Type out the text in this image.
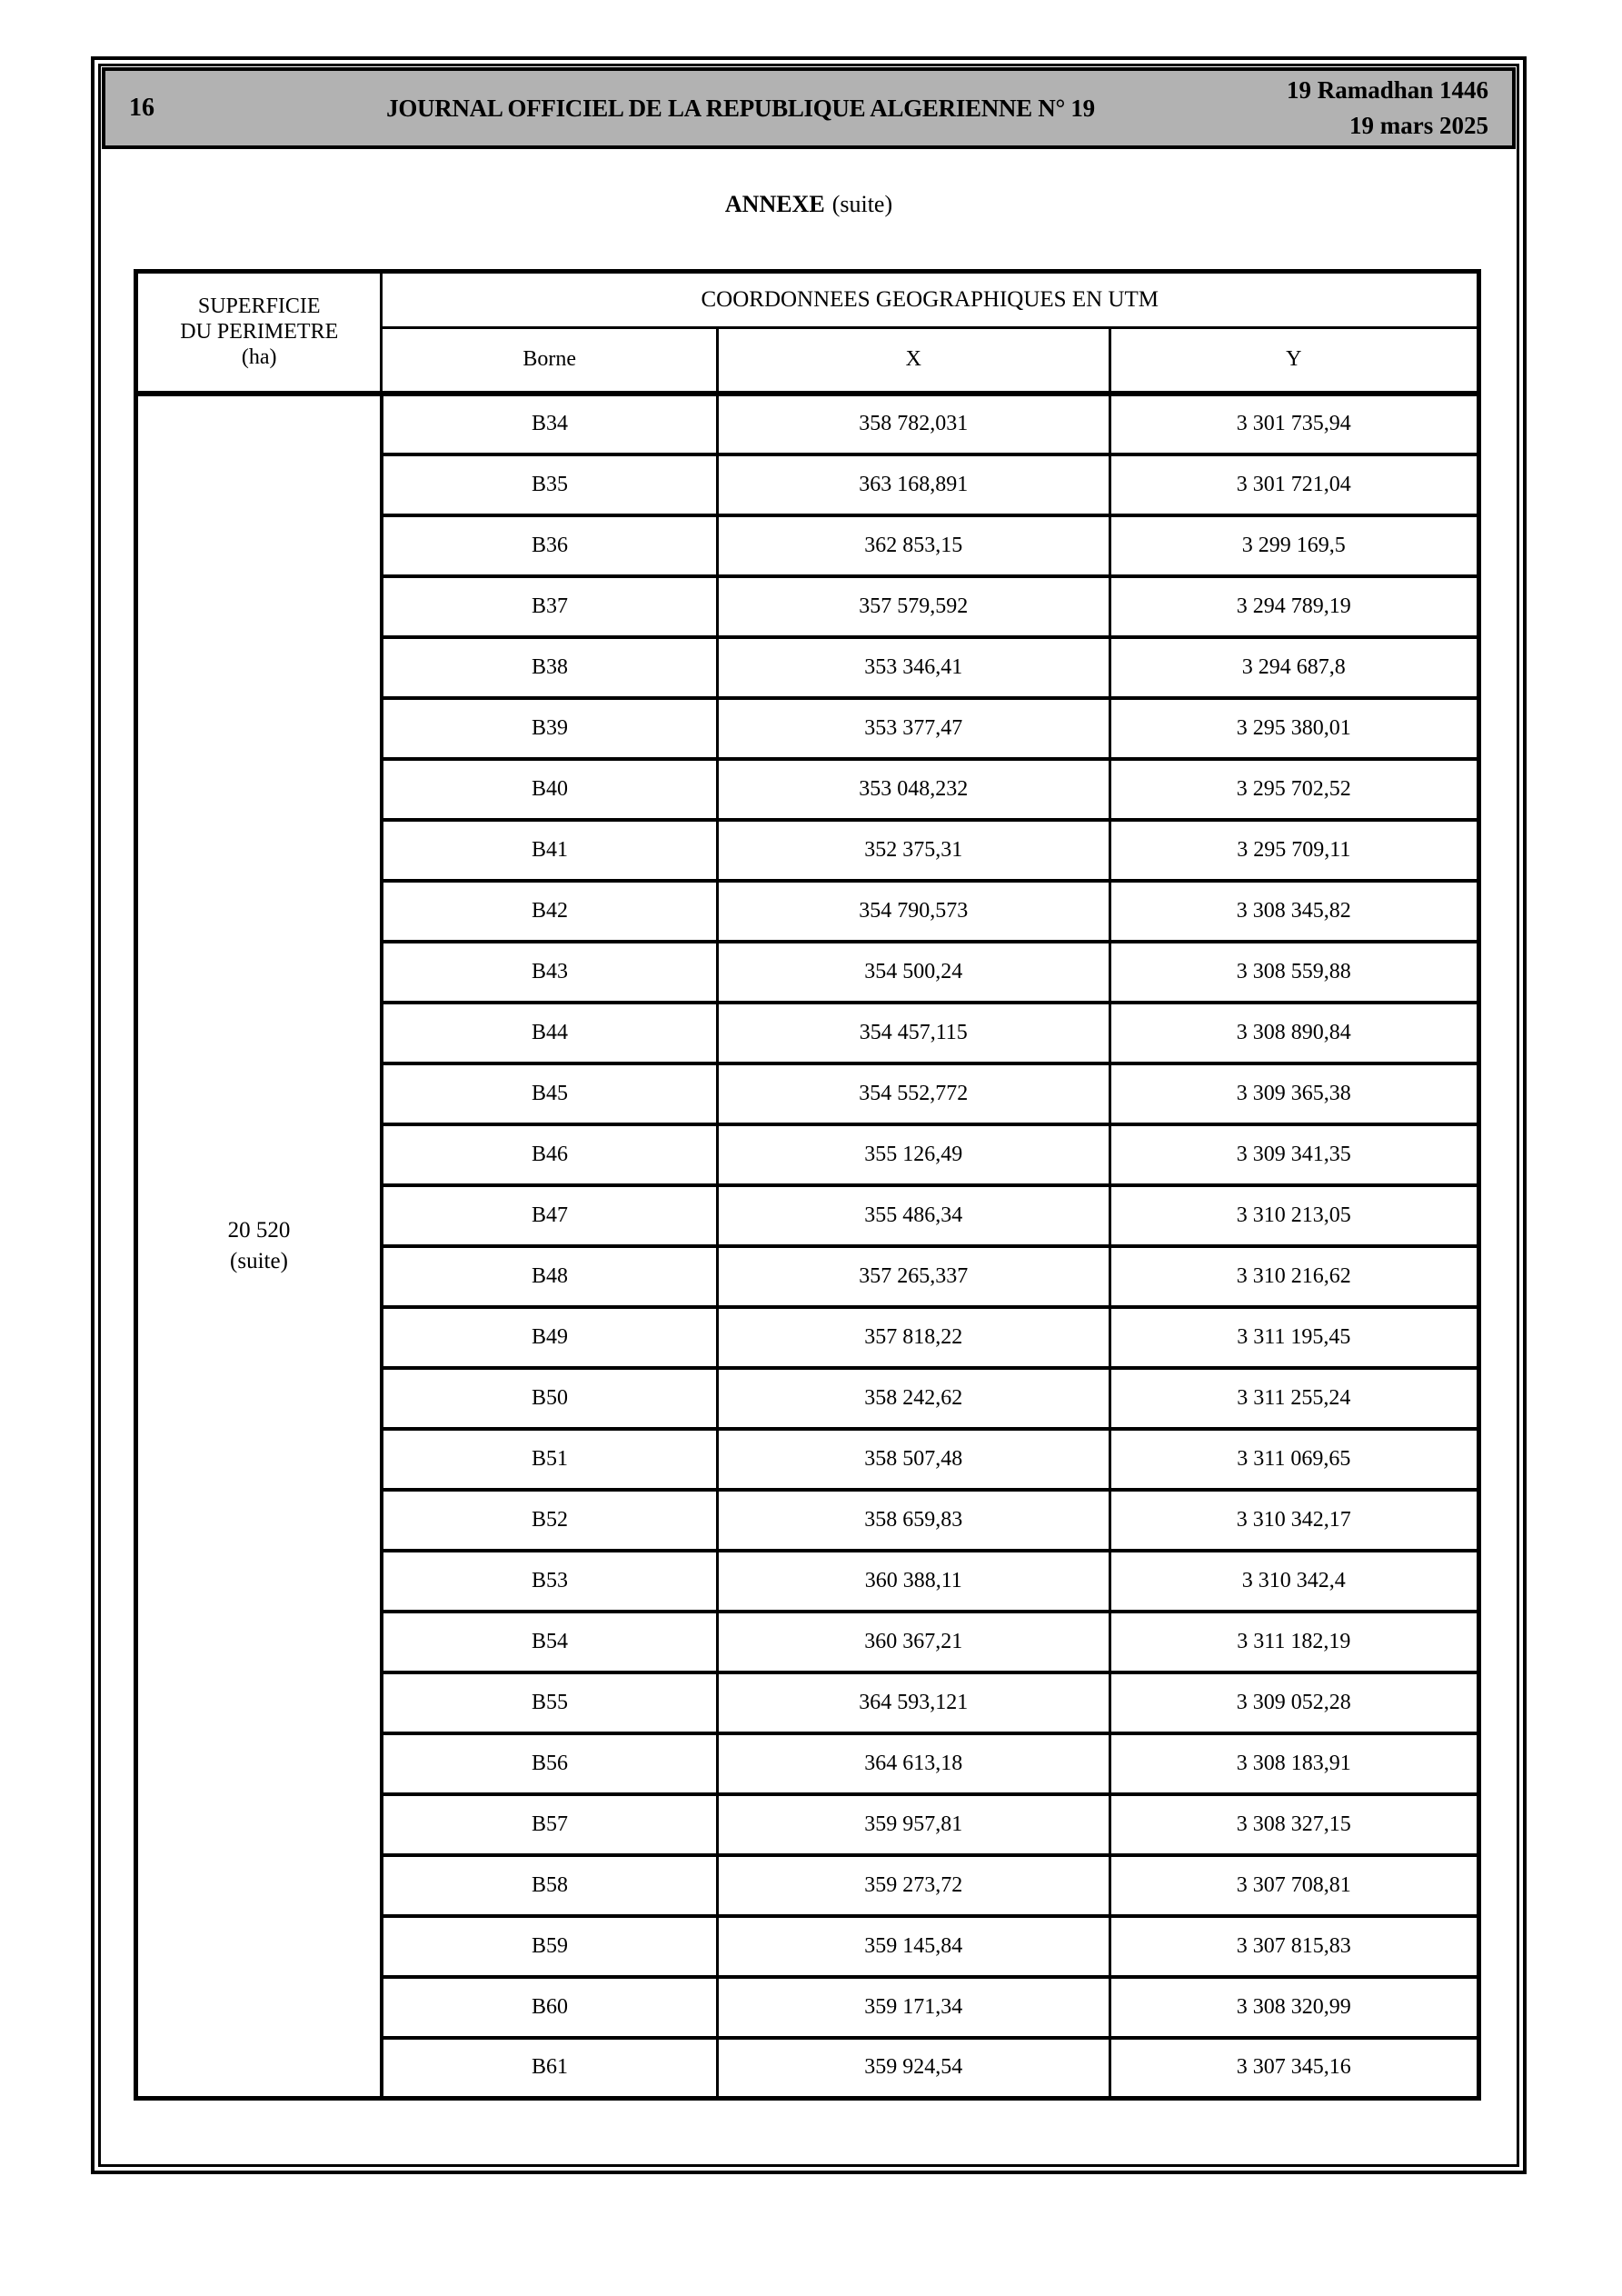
16	JOURNAL OFFICIEL DE LA REPUBLIQUE ALGERIENNE N° 19
19 Ramadhan 1446
19 mars 2025
ANNEXE (suite)
SUPERFICIE
DU PERIMETRE
(ha)	COORDONNEES GEOGRAPHIQUES EN UTM		
	Borne	X	Y

20 520
(suite)	B34	358 782,031	3 301 735,94
	B35	363 168,891	3 301 721,04
	B36	362 853,15	3 299 169,5
	B37	357 579,592	3 294 789,19
	B38	353 346,41	3 294 687,8
	B39	353 377,47	3 295 380,01
	B40	353 048,232	3 295 702,52
	B41	352 375,31	3 295 709,11
	B42	354 790,573	3 308 345,82
	B43	354 500,24	3 308 559,88
	B44	354 457,115	3 308 890,84
	B45	354 552,772	3 309 365,38
	B46	355 126,49	3 309 341,35
	B47	355 486,34	3 310 213,05
	B48	357 265,337	3 310 216,62
	B49	357 818,22	3 311 195,45
	B50	358 242,62	3 311 255,24
	B51	358 507,48	3 311 069,65
	B52	358 659,83	3 310 342,17
	B53	360 388,11	3 310 342,4
	B54	360 367,21	3 311 182,19
	B55	364 593,121	3 309 052,28
	B56	364 613,18	3 308 183,91
	B57	359 957,81	3 308 327,15
	B58	359 273,72	3 307 708,81
	B59	359 145,84	3 307 815,83
	B60	359 171,34	3 308 320,99
	B61	359 924,54	3 307 345,16
